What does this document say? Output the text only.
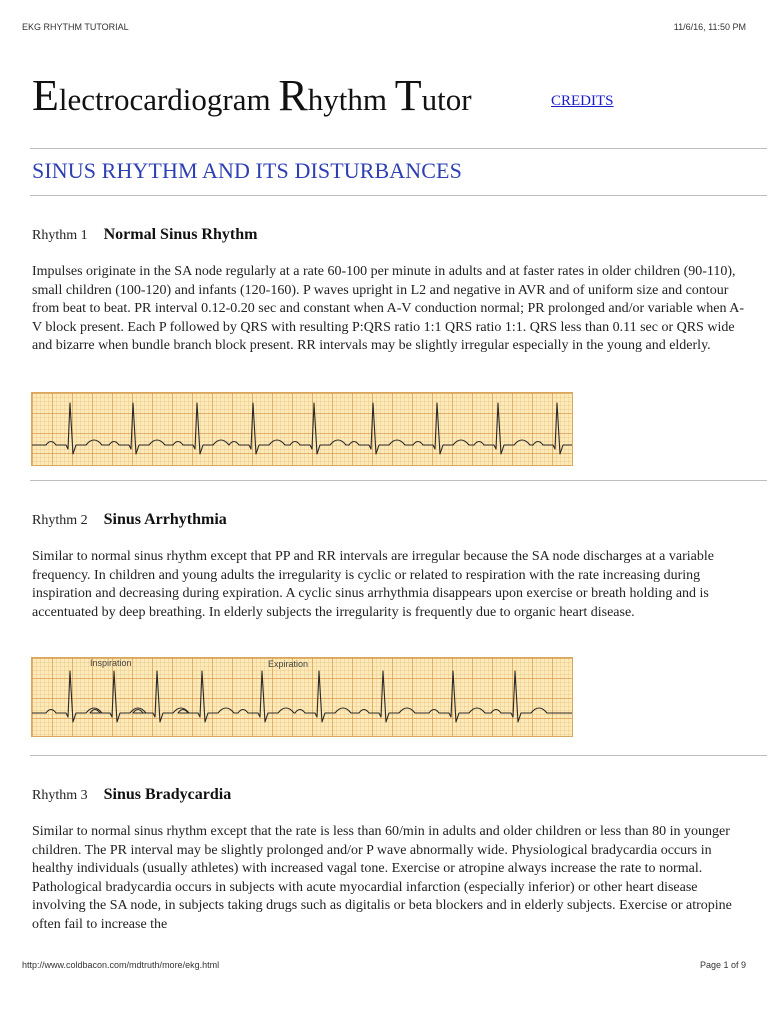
EKG RHYTHM TUTORIAL	11/6/16, 11:50 PM
Electrocardiogram Rhythm Tutor	CREDITS
SINUS RHYTHM AND ITS DISTURBANCES
Rhythm 1 Normal Sinus Rhythm

Impulses originate in the SA node regularly at a rate 60-100 per minute in adults and at faster rates in older children (90-110), small children (100-120) and infants (120-160). P waves upright in L2 and negative in AVR and of uniform size and contour from beat to beat. PR interval 0.12-0.20 sec and constant when A-V conduction normal; PR prolonged and/or variable when A-V block present. Each P followed by QRS with resulting P:QRS ratio 1:1 QRS ratio 1:1. QRS less than 0.11 sec or QRS wide and bizarre when bundle branch block present. RR intervals may be slightly irregular especially in the young and elderly.

Rhythm 2 Sinus Arrhythmia

Similar to normal sinus rhythm except that PP and RR intervals are irregular because the SA node discharges at a variable frequency. In children and young adults the irregularity is cyclic or related to respiration with the rate increasing during inspiration and decreasing during expiration. A cyclic sinus arrhythmia disappears upon exercise or breath holding and is accentuated by deep breathing. In elderly subjects the irregularity is frequently due to organic heart disease.

Inspiration	Expiration
Rhythm 3 Sinus Bradycardia

Similar to normal sinus rhythm except that the rate is less than 60/min in adults and older children or less than 80 in younger children. The PR interval may be slightly prolonged and/or P wave abnormally wide. Physiological bradycardia occurs in healthy individuals (usually athletes) with increased vagal tone. Exercise or atropine always increase the rate to normal. Pathological bradycardia occurs in subjects with acute myocardial infarction (especially inferior) or other heart disease involving the SA node, in subjects taking drugs such as digitalis or beta blockers and in elderly subjects. Exercise or atropine often fail to increase the

http://www.coldbacon.com/mdtruth/more/ekg.html	Page 1 of 9
